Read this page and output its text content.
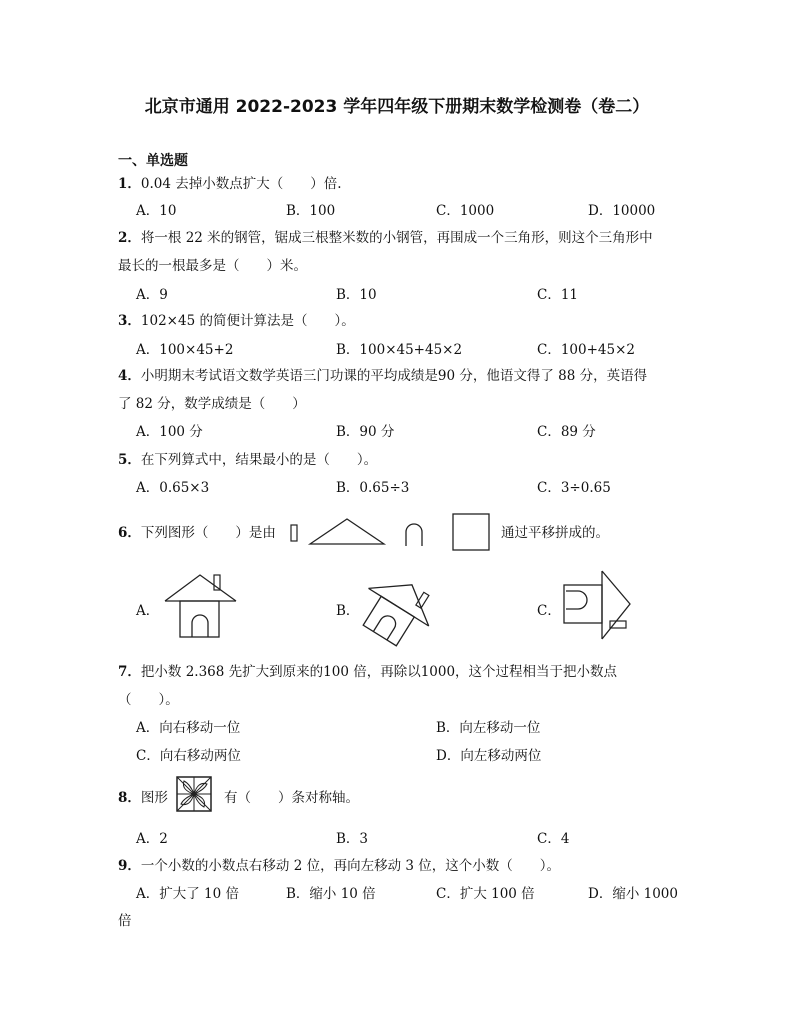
北京市通用 2022-2023 学年四年级下册期末数学检测卷（卷二）
一、单选题
1．0.04 去掉小数点扩大（　　）倍.
A．10	B．100	C．1000	D．10000
2．将一根 22 米的钢管，锯成三根整米数的小钢管，再围成一个三角形，则这个三角形中
最长的一根最多是（　　）米。
A．9	B．10	C．11
3．102×45 的简便计算法是（　　）。
A．100×45+2	B．100×45+45×2	C．100+45×2
4．小明期末考试语文数学英语三门功课的平均成绩是90 分，他语文得了 88 分，英语得
了 82 分，数学成绩是（　　）
A．100 分	B．90 分	C．89 分
5．在下列算式中，结果最小的是（　　）。
A．0.65×3	B．0.65÷3	C．3÷0.65
6．下列图形（　　）是由	通过平移拼成的。
A．	B．	C．
7．把小数 2.368 先扩大到原来的100 倍，再除以1000，这个过程相当于把小数点
（　　）。
A．向右移动一位	B．向左移动一位
C．向右移动两位	D．向左移动两位
8．图形	有（　　）条对称轴。
A．2	B．3	C．4
9．一个小数的小数点右移动 2 位，再向左移动 3 位，这个小数（　　）。
A．扩大了 10 倍	B．缩小 10 倍	C．扩大 100 倍	D．缩小 1000
倍
